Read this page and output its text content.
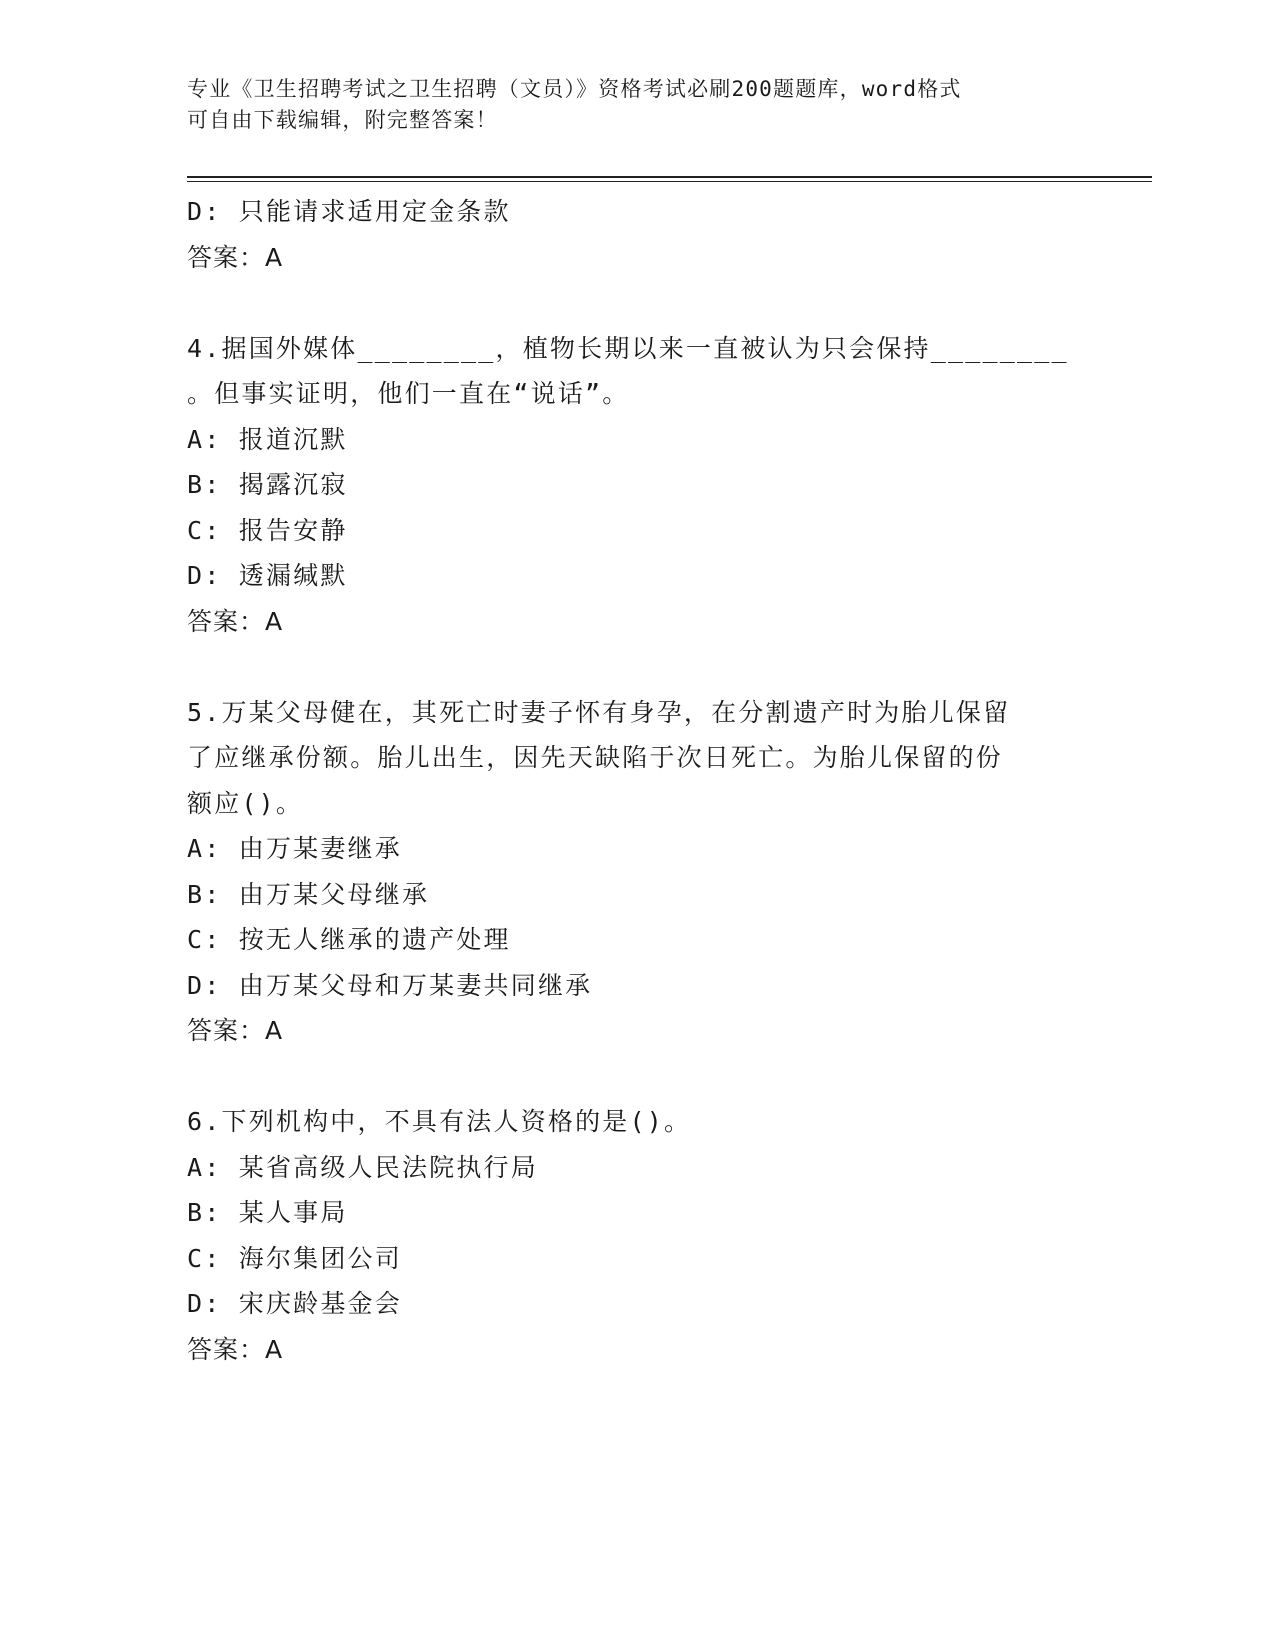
专业《卫生招聘考试之卫生招聘（文员）》资格考试必刷200题题库，word格式
可自由下载编辑，附完整答案！
D: 只能请求适用定金条款
答案：A
4.据国外媒体________，植物长期以来一直被认为只会保持________
。但事实证明，他们一直在“说话”。
A: 报道沉默
B: 揭露沉寂
C: 报告安静
D: 透漏缄默
答案：A
5.万某父母健在，其死亡时妻子怀有身孕，在分割遗产时为胎儿保留
了应继承份额。胎儿出生，因先天缺陷于次日死亡。为胎儿保留的份
额应()。
A: 由万某妻继承
B: 由万某父母继承
C: 按无人继承的遗产处理
D: 由万某父母和万某妻共同继承
答案：A
6.下列机构中，不具有法人资格的是()。
A: 某省高级人民法院执行局
B: 某人事局
C: 海尔集团公司
D: 宋庆龄基金会
答案：A
